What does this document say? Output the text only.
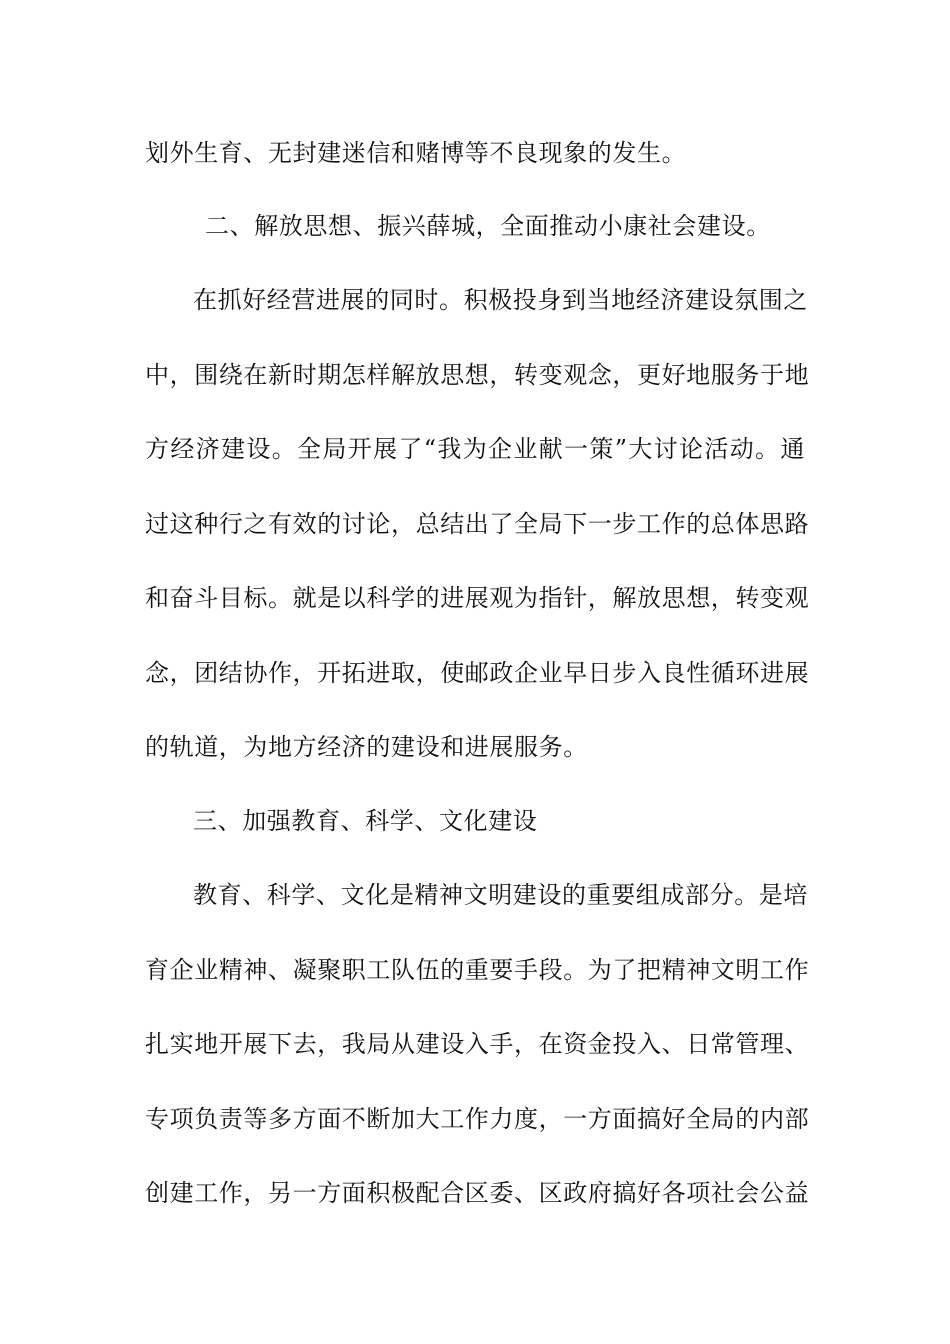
划外生育、无封建迷信和赌博等不良现象的发生。
二、解放思想、振兴薛城，全面推动小康社会建设。
在抓好经营进展的同时。积极投身到当地经济建设氛围之
中，围绕在新时期怎样解放思想，转变观念，更好地服务于地
方经济建设。全局开展了“我为企业献一策”大讨论活动。通
过这种行之有效的讨论，总结出了全局下一步工作的总体思路
和奋斗目标。就是以科学的进展观为指针，解放思想，转变观
念，团结协作，开拓进取，使邮政企业早日步入良性循环进展
的轨道，为地方经济的建设和进展服务。
三、加强教育、科学、文化建设
教育、科学、文化是精神文明建设的重要组成部分。是培
育企业精神、凝聚职工队伍的重要手段。为了把精神文明工作
扎实地开展下去，我局从建设入手，在资金投入、日常管理、
专项负责等多方面不断加大工作力度，一方面搞好全局的内部
创建工作，另一方面积极配合区委、区政府搞好各项社会公益
